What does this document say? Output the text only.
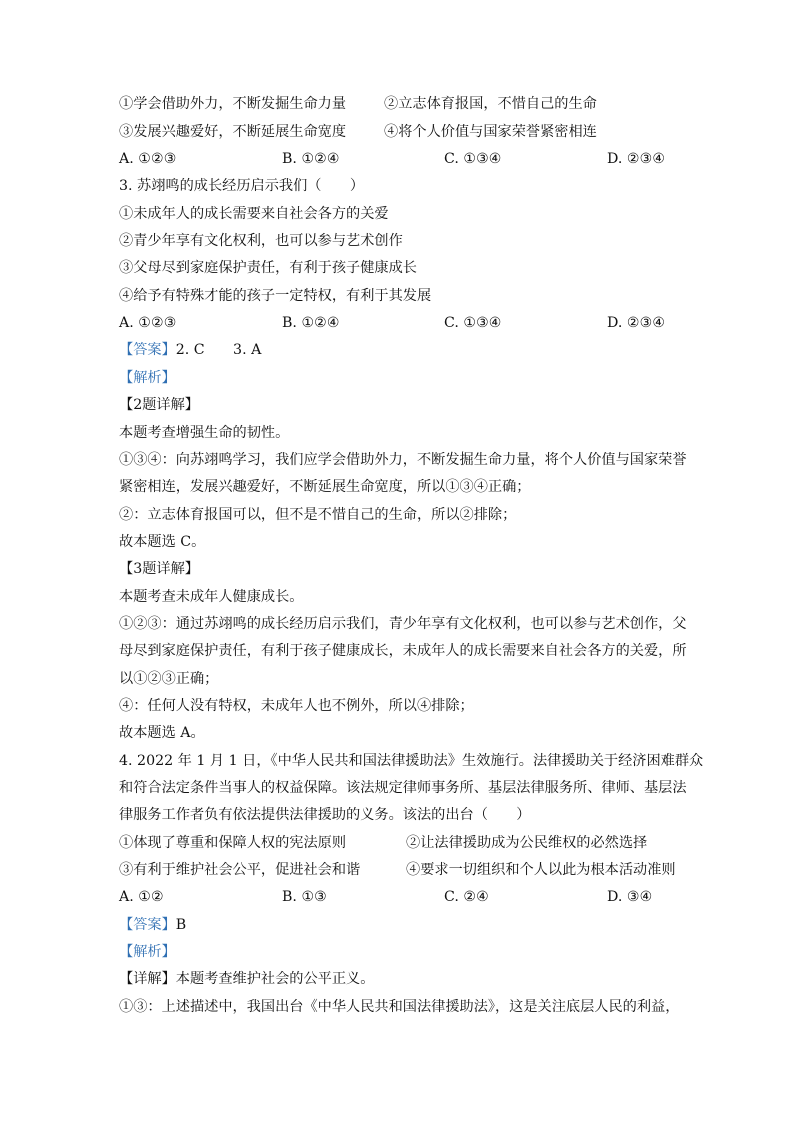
①学会借助外力，不断发掘生命力量	②立志体育报国，不惜自己的生命
③发展兴趣爱好，不断延展生命宽度	④将个人价值与国家荣誉紧密相连
A. ①②③	B. ①②④	C. ①③④	D. ②③④
3. 苏翊鸣的成长经历启示我们（　　）
①未成年人的成长需要来自社会各方的关爱
②青少年享有文化权利，也可以参与艺术创作
③父母尽到家庭保护责任，有利于孩子健康成长
④给予有特殊才能的孩子一定特权，有利于其发展
A. ①②③	B. ①②④	C. ①③④	D. ②③④
【答案】2. C　　3. A
【解析】
【2题详解】
本题考查增强生命的韧性。
①③④：向苏翊鸣学习，我们应学会借助外力，不断发掘生命力量，将个人价值与国家荣誉
紧密相连，发展兴趣爱好，不断延展生命宽度，所以①③④正确；
②：立志体育报国可以，但不是不惜自己的生命，所以②排除；
故本题选 C。
【3题详解】
本题考查未成年人健康成长。
①②③：通过苏翊鸣的成长经历启示我们，青少年享有文化权利，也可以参与艺术创作，父
母尽到家庭保护责任，有利于孩子健康成长，未成年人的成长需要来自社会各方的关爱，所
以①②③正确；
④：任何人没有特权，未成年人也不例外，所以④排除；
故本题选 A。
4. 2022 年 1 月 1 日，《中华人民共和国法律援助法》生效施行。法律援助关于经济困难群众
和符合法定条件当事人的权益保障。该法规定律师事务所、基层法律服务所、律师、基层法
律服务工作者负有依法提供法律援助的义务。该法的出台（　　）
①体现了尊重和保障人权的宪法原则	②让法律援助成为公民维权的必然选择
③有利于维护社会公平，促进社会和谐	④要求一切组织和个人以此为根本活动准则
A. ①②	B. ①③	C. ②④	D. ③④
【答案】B
【解析】
【详解】本题考查维护社会的公平正义。
①③：上述描述中，我国出台《中华人民共和国法律援助法》，这是关注底层人民的利益，
